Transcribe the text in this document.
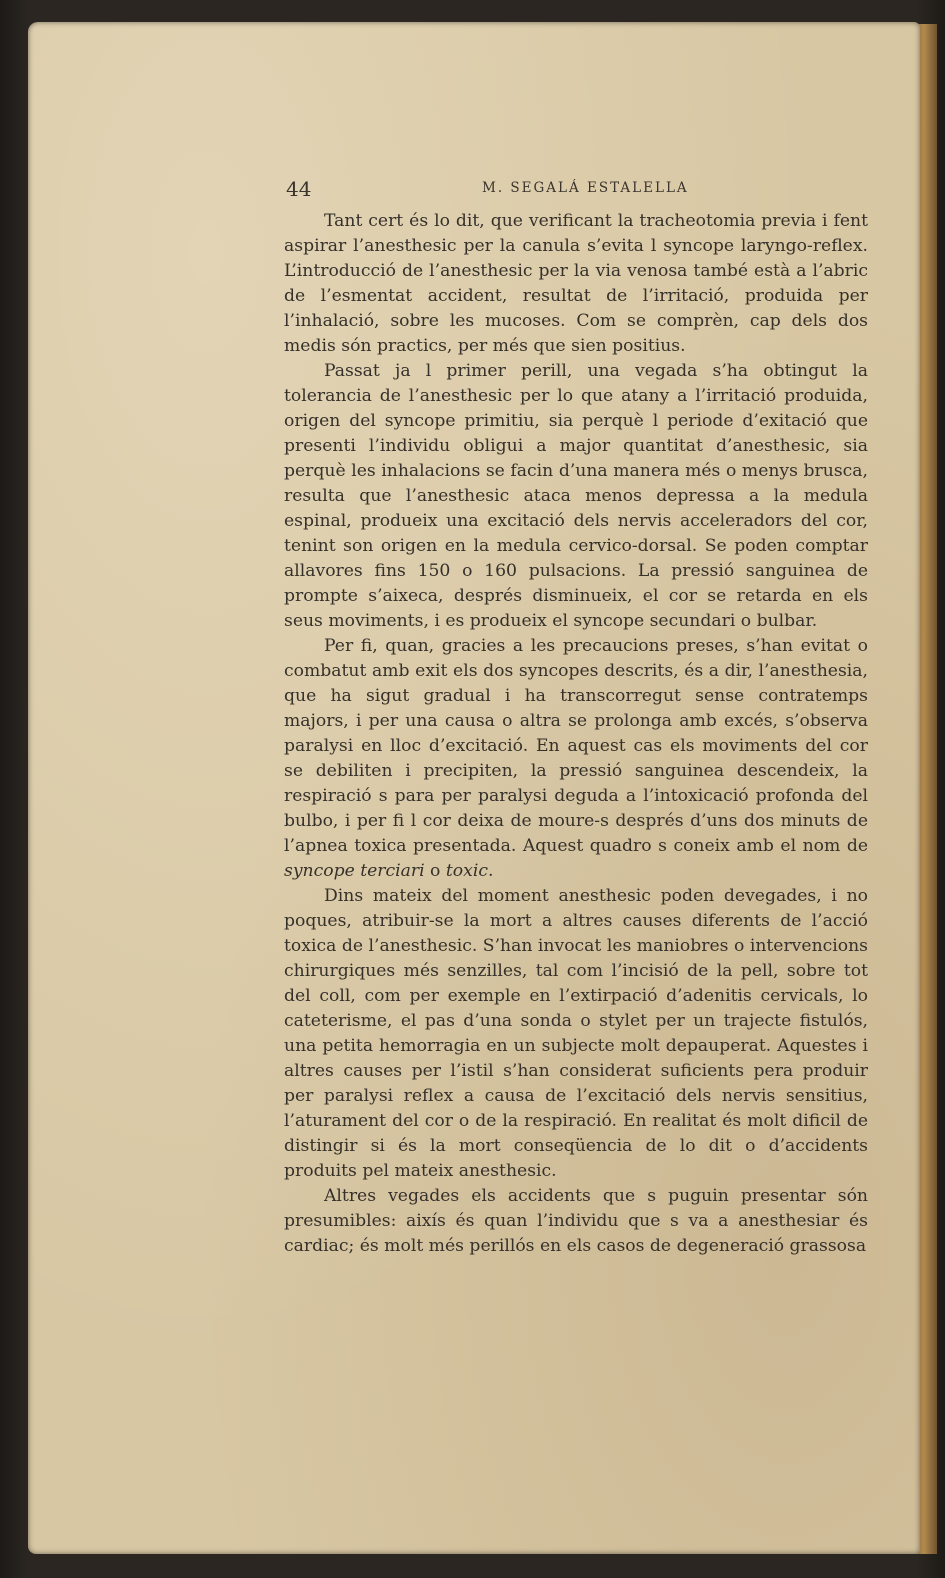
44	M. SEGALÁ ESTALELLA

Tant cert és lo dit, que verificant la tracheotomia previa i fent aspirar l’anesthesic per la canula s’evita l syncope laryngo-reflex. L’introducció de l’anesthesic per la via venosa també està a l’abric de l’esmentat accident, resultat de l’irritació, produida per l’inhalació, sobre les mucoses. Com se comprèn, cap dels dos medis són practics, per més que sien positius.

Passat ja l primer perill, una vegada s’ha obtingut la tolerancia de l’anesthesic per lo que atany a l’irritació produida, origen del syncope primitiu, sia perquè l periode d’exitació que presenti l’individu obligui a major quantitat d’anesthesic, sia perquè les inhalacions se facin d’una manera més o menys brusca, resulta que l’anesthesic ataca menos depressa a la medula espinal, produeix una excitació dels nervis acceleradors del cor, tenint son origen en la medula cervico-dorsal. Se poden comptar allavores fins 150 o 160 pulsacions. La pressió sanguinea de prompte s’aixeca, després disminueix, el cor se retarda en els seus moviments, i es produeix el syncope secundari o bulbar.

Per fi, quan, gracies a les precaucions preses, s’han evitat o combatut amb exit els dos syncopes descrits, és a dir, l’anesthesia, que ha sigut gradual i ha transcorregut sense contratemps majors, i per una causa o altra se prolonga amb excés, s’observa paralysi en lloc d’excitació. En aquest cas els moviments del cor se debiliten i precipiten, la pressió sanguinea descendeix, la respiració s para per paralysi deguda a l’intoxicació profonda del bulbo, i per fi l cor deixa de moure-s després d’uns dos minuts de l’apnea toxica presentada. Aquest quadro s coneix amb el nom de syncope terciari o toxic.

Dins mateix del moment anesthesic poden devegades, i no poques, atribuir-se la mort a altres causes diferents de l’acció toxica de l’anesthesic. S’han invocat les maniobres o intervencions chirurgiques més senzilles, tal com l’incisió de la pell, sobre tot del coll, com per exemple en l’extirpació d’adenitis cervicals, lo cateterisme, el pas d’una sonda o stylet per un trajecte fistulós, una petita hemorragia en un subjecte molt depauperat. Aquestes i altres causes per l’istil s’han considerat suficients pera produir per paralysi reflex a causa de l’excitació dels nervis sensitius, l’aturament del cor o de la respiració. En realitat és molt dificil de distingir si és la mort conseqüencia de lo dit o d’accidents produits pel mateix anesthesic.

Altres vegades els accidents que s puguin presentar són presumibles: aixís és quan l’individu que s va a anesthesiar és cardiac; és molt més perillós en els casos de degeneració grassosa
